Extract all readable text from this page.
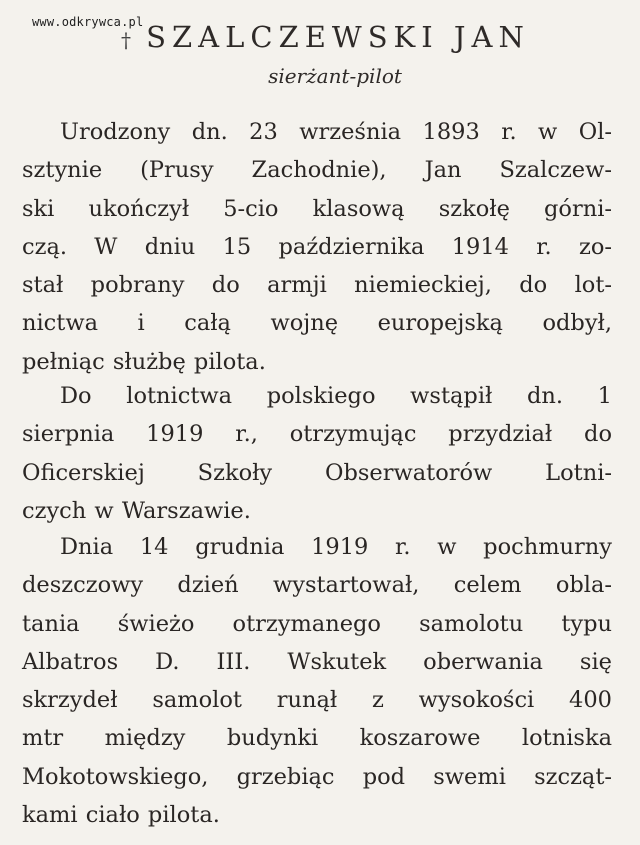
www.odkrywca.pl
† SZALCZEWSKI JAN
sierżant-pilot
Urodzony dn. 23 września 1893 r. w Ol-
sztynie (Prusy Zachodnie), Jan Szalczew-
ski ukończył 5-cio klasową szkołę górni-
czą. W dniu 15 października 1914 r. zo-
stał pobrany do armji niemieckiej, do lot-
nictwa i całą wojnę europejską odbył,
pełniąc służbę pilota.
Do lotnictwa polskiego wstąpił dn. 1
sierpnia 1919 r., otrzymując przydział do
Oficerskiej Szkoły Obserwatorów Lotni-
czych w Warszawie.
Dnia 14 grudnia 1919 r. w pochmurny
deszczowy dzień wystartował, celem obla-
tania świeżo otrzymanego samolotu typu
Albatros D. III. Wskutek oberwania się
skrzydeł samolot runął z wysokości 400
mtr między budynki koszarowe lotniska
Mokotowskiego, grzebiąc pod swemi szcząt-
kami ciało pilota.
